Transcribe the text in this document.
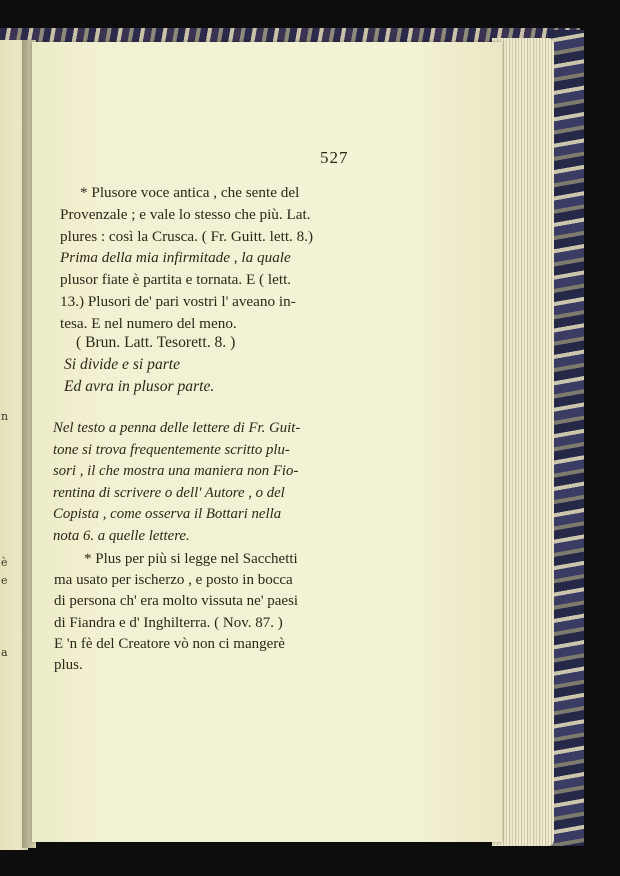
n
è
e
a
527
* Plusore voce antica , che sente del
Provenzale ; e vale lo stesso che più. Lat.
plures : così la Crusca. ( Fr. Guitt. lett. 8.)
Prima della mia infirmitade , la quale
plusor fiate è partita e tornata. E ( lett.
13.) Plusori de' pari vostri l' aveano in-
tesa. E nel numero del meno.
( Brun. Latt. Tesorett. 8. )
Si divide e si parte
Ed avra in plusor parte.
Nel testo a penna delle lettere di Fr. Guit-
tone si trova frequentemente scritto plu-
sori , il che mostra una maniera non Fio-
rentina di scrivere o dell' Autore , o del
Copista , come osserva il Bottari nella
nota 6. a quelle lettere.
* Plus per più si legge nel Sacchetti
ma usato per ischerzo , e posto in bocca
di persona ch' era molto vissuta ne' paesi
di Fiandra e d' Inghilterra. ( Nov. 87. )
E 'n fè del Creatore vò non ci mangerè
plus.
